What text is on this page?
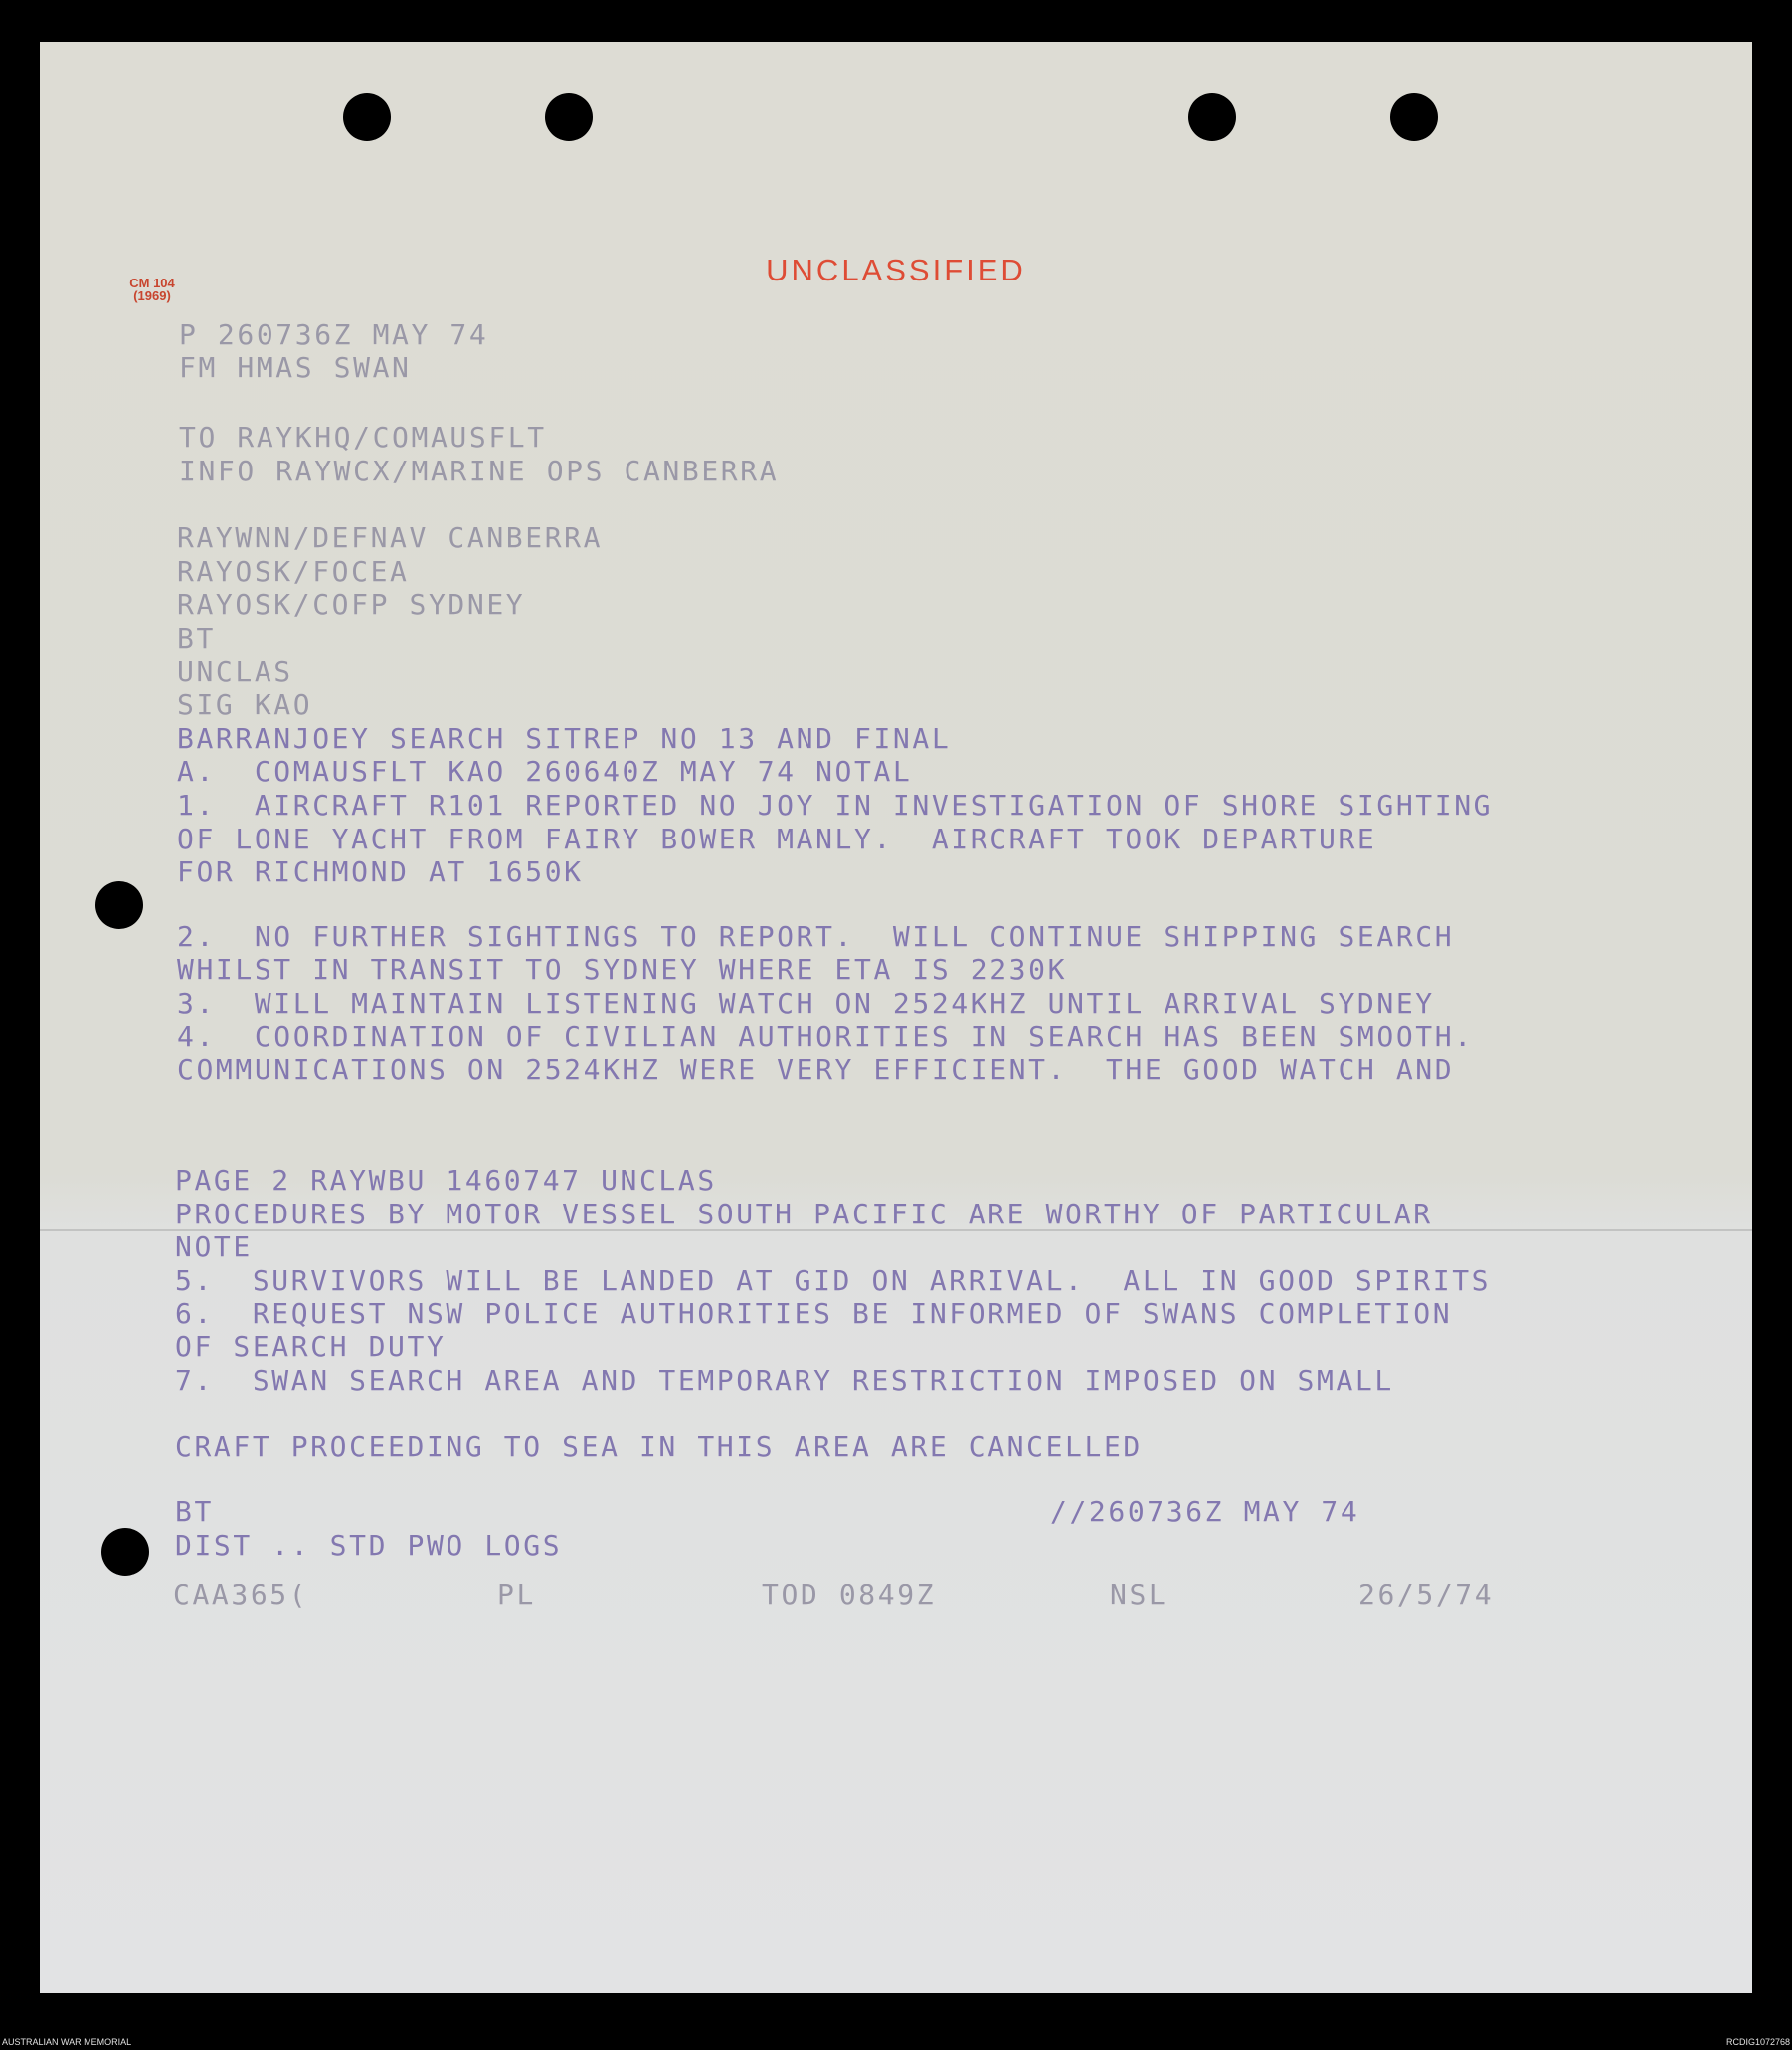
CM 104
(1969)
UNCLASSIFIED
P 260736Z MAY 74
FM HMAS SWAN
TO RAYKHQ/COMAUSFLT
INFO RAYWCX/MARINE OPS CANBERRA
RAYWNN/DEFNAV CANBERRA
RAYOSK/FOCEA
RAYOSK/COFP SYDNEY
BT
UNCLAS
SIG KAO
BARRANJOEY SEARCH SITREP NO 13 AND FINAL
A.  COMAUSFLT KAO 260640Z MAY 74 NOTAL
1.  AIRCRAFT R101 REPORTED NO JOY IN INVESTIGATION OF SHORE SIGHTING
OF LONE YACHT FROM FAIRY BOWER MANLY.  AIRCRAFT TOOK DEPARTURE
FOR RICHMOND AT 1650K
2.  NO FURTHER SIGHTINGS TO REPORT.  WILL CONTINUE SHIPPING SEARCH
WHILST IN TRANSIT TO SYDNEY WHERE ETA IS 2230K
3.  WILL MAINTAIN LISTENING WATCH ON 2524KHZ UNTIL ARRIVAL SYDNEY
4.  COORDINATION OF CIVILIAN AUTHORITIES IN SEARCH HAS BEEN SMOOTH.
COMMUNICATIONS ON 2524KHZ WERE VERY EFFICIENT.  THE GOOD WATCH AND
PAGE 2 RAYWBU 1460747 UNCLAS
PROCEDURES BY MOTOR VESSEL SOUTH PACIFIC ARE WORTHY OF PARTICULAR
NOTE
5.  SURVIVORS WILL BE LANDED AT GID ON ARRIVAL.  ALL IN GOOD SPIRITS
6.  REQUEST NSW POLICE AUTHORITIES BE INFORMED OF SWANS COMPLETION
OF SEARCH DUTY
7.  SWAN SEARCH AREA AND TEMPORARY RESTRICTION IMPOSED ON SMALL
CRAFT PROCEEDING TO SEA IN THIS AREA ARE CANCELLED
BT	//260736Z MAY 74
DIST .. STD PWO LOGS
CAA365(	PL	TOD 0849Z	NSL	26/5/74
AUSTRALIAN WAR MEMORIAL	RCDIG1072768
